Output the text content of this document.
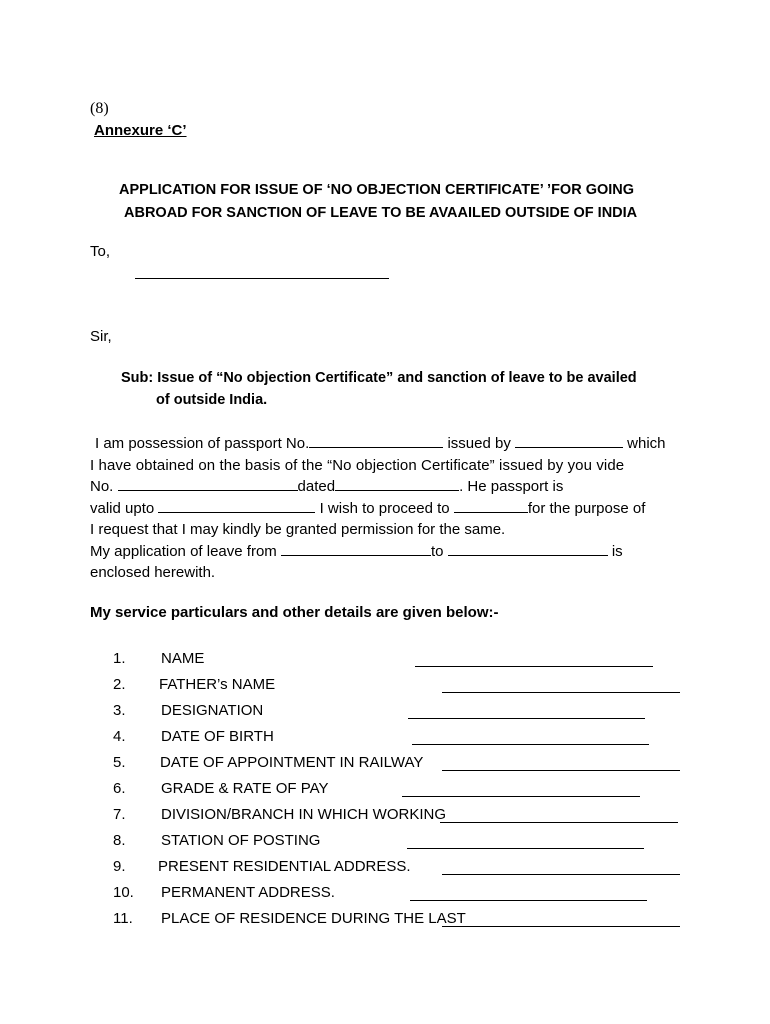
(8)
Annexure ‘C’
APPLICATION FOR ISSUE OF ‘NO OBJECTION CERTIFICATE’ ’FOR GOING
ABROAD FOR SANCTION OF LEAVE TO BE AVAAILED OUTSIDE OF INDIA
To,
Sir,
Sub: Issue of “No objection Certificate” and sanction of leave to be availed
of outside India.
I am possession of passport No.	issued by	which
I have obtained on the basis of the “No objection Certificate” issued by you vide
No.	dated	. He passport is
valid upto	I wish to proceed to	for the purpose of
I request that I may kindly be granted permission for the same.
My application of leave from	to	is
enclosed herewith.
My service particulars and other details are given below:-
1.	NAME
2.	FATHER’s NAME
3.	DESIGNATION
4.	DATE OF BIRTH
5.	DATE OF APPOINTMENT IN RAILWAY
6.	GRADE & RATE OF PAY
7.	DIVISION/BRANCH IN WHICH WORKING
8.	STATION OF POSTING
9.	PRESENT RESIDENTIAL ADDRESS.
10.	PERMANENT ADDRESS.
11.	PLACE OF RESIDENCE DURING THE LAST
